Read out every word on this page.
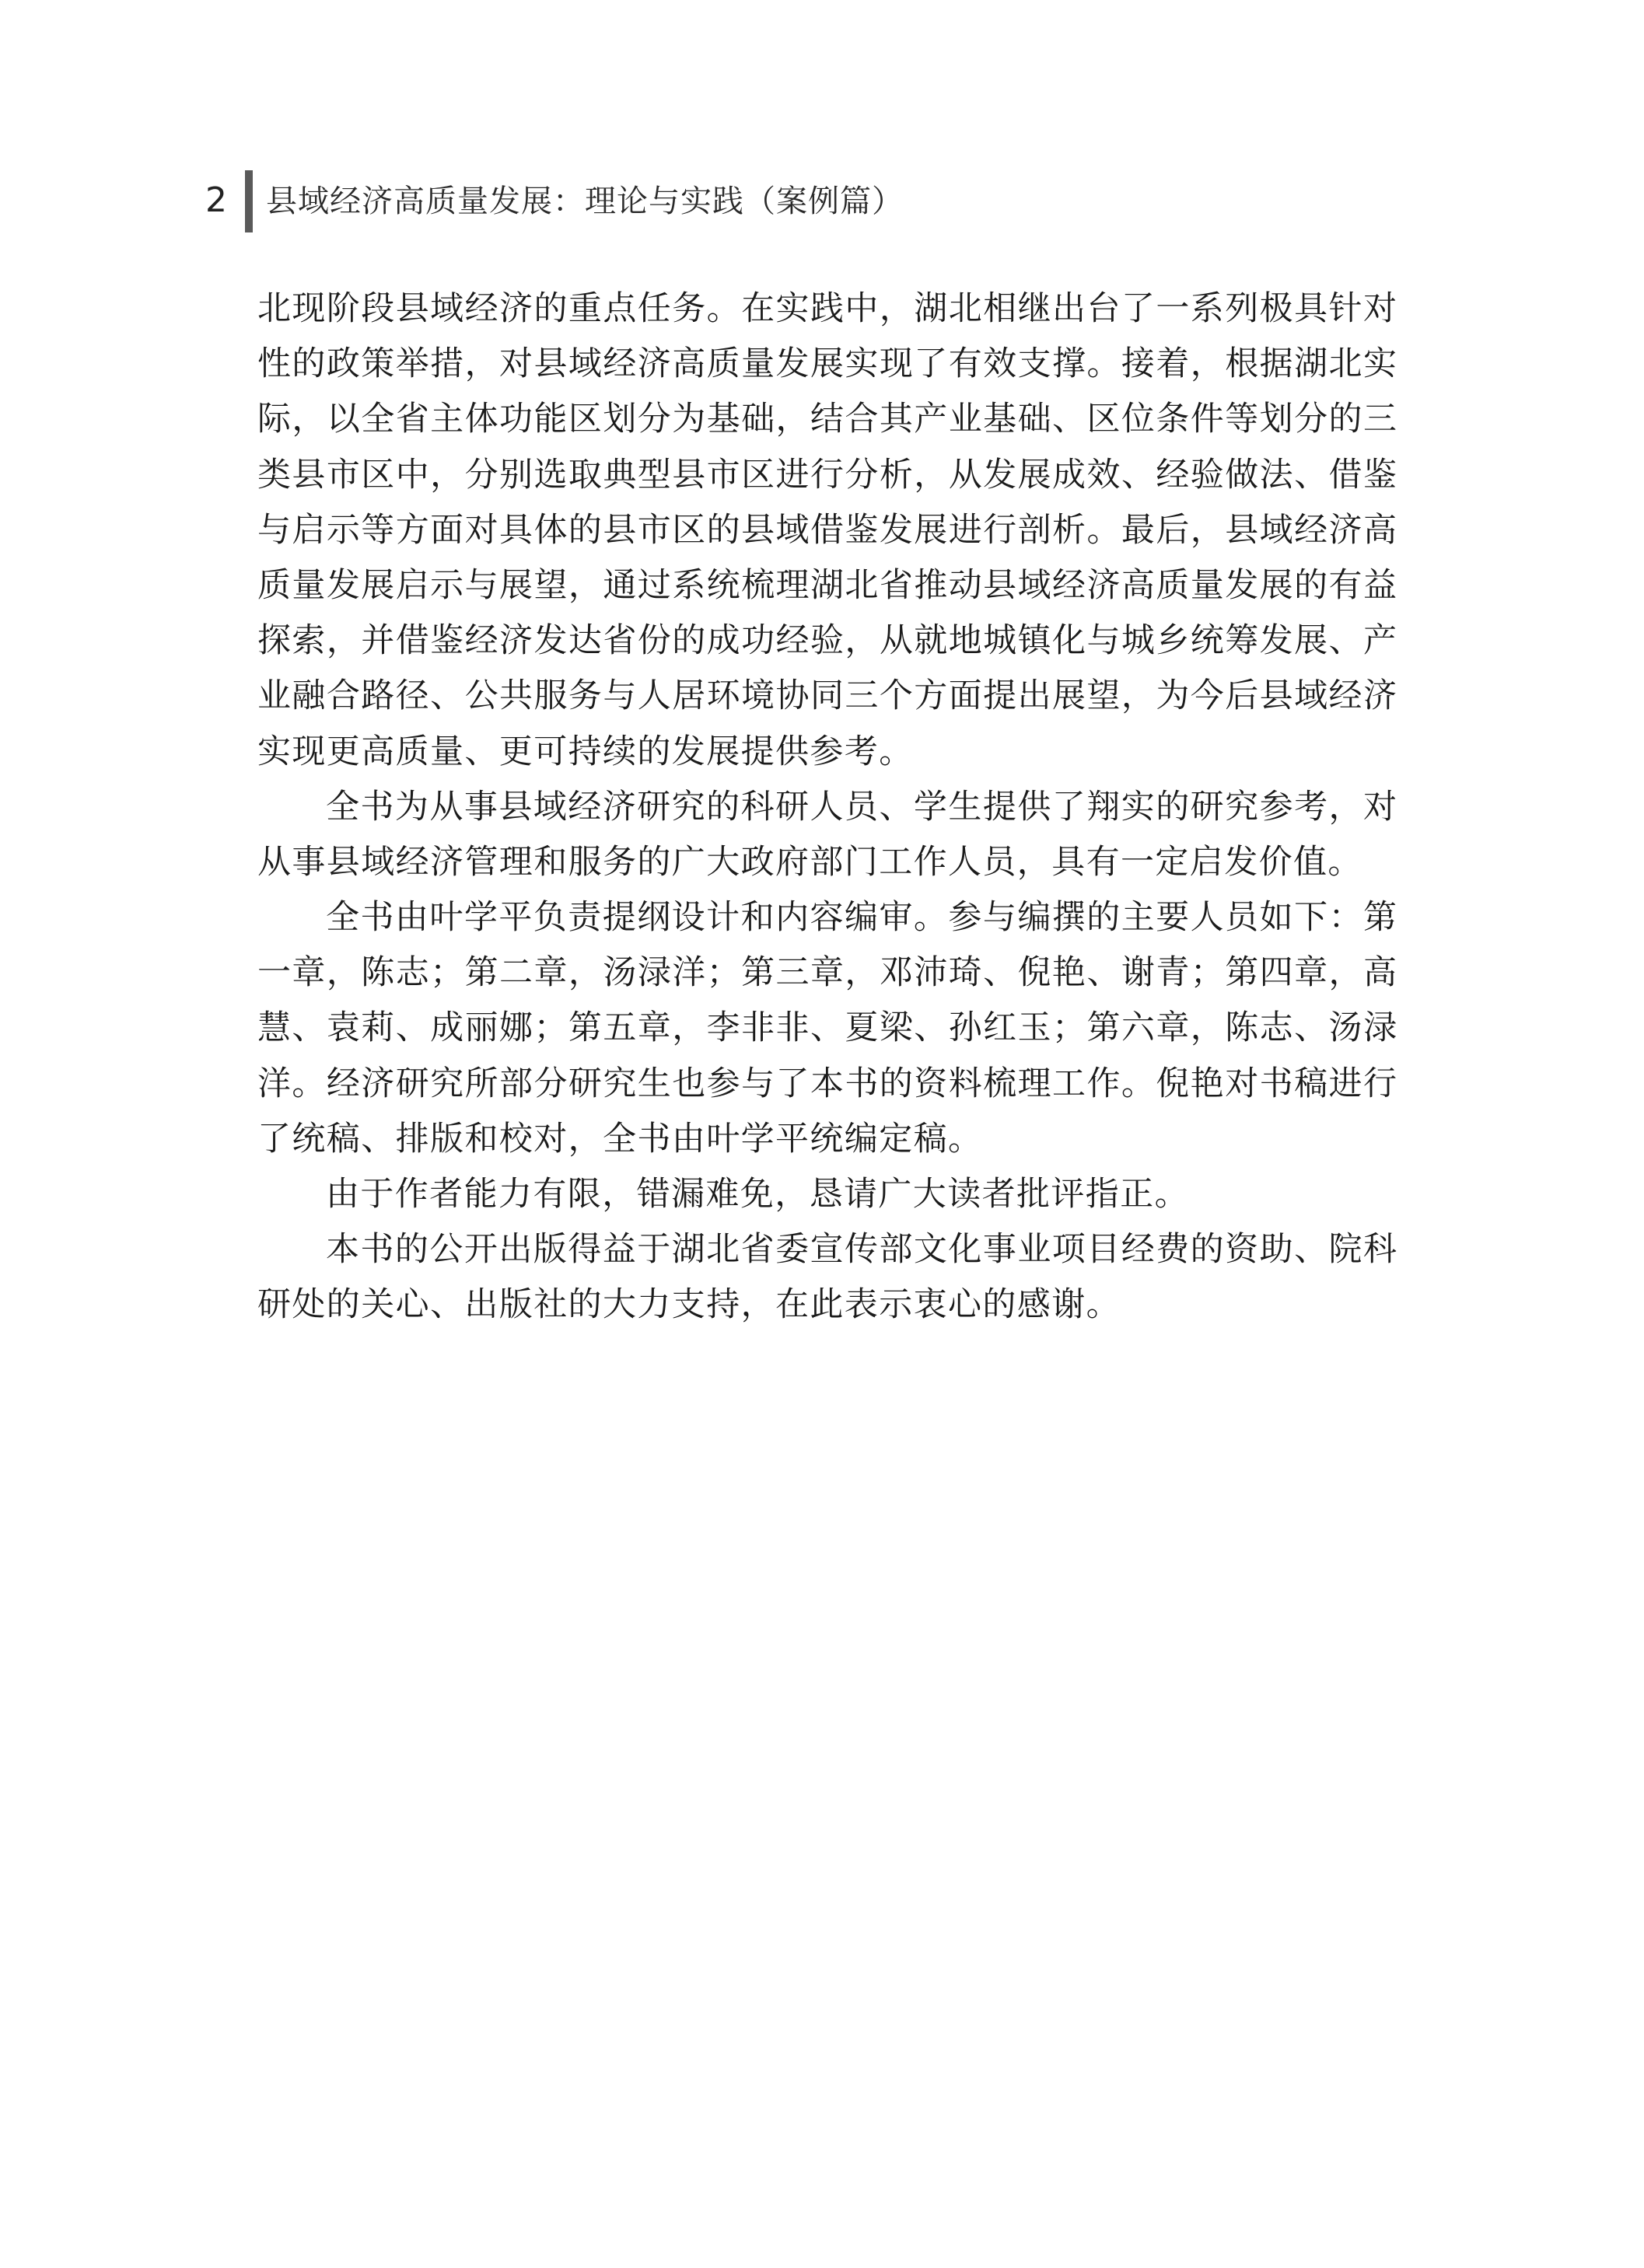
2 县域经济高质量发展：理论与实践（案例篇）
北现阶段县域经济的重点任务。在实践中，湖北相继出台了一系列极具针对
性的政策举措，对县域经济高质量发展实现了有效支撑。接着，根据湖北实
际，以全省主体功能区划分为基础，结合其产业基础、区位条件等划分的三
类县市区中，分别选取典型县市区进行分析，从发展成效、经验做法、借鉴
与启示等方面对具体的县市区的县域借鉴发展进行剖析。最后，县域经济高
质量发展启示与展望，通过系统梳理湖北省推动县域经济高质量发展的有益
探索，并借鉴经济发达省份的成功经验，从就地城镇化与城乡统筹发展、产
业融合路径、公共服务与人居环境协同三个方面提出展望，为今后县域经济
实现更高质量、更可持续的发展提供参考。
全书为从事县域经济研究的科研人员、学生提供了翔实的研究参考，对
从事县域经济管理和服务的广大政府部门工作人员，具有一定启发价值。
全书由叶学平负责提纲设计和内容编审。参与编撰的主要人员如下：第
一章，陈志；第二章，汤渌洋；第三章，邓沛琦、倪艳、谢青；第四章，高
慧、袁莉、成丽娜；第五章，李非非、夏梁、孙红玉；第六章，陈志、汤渌
洋。经济研究所部分研究生也参与了本书的资料梳理工作。倪艳对书稿进行
了统稿、排版和校对，全书由叶学平统编定稿。
由于作者能力有限，错漏难免，恳请广大读者批评指正。
本书的公开出版得益于湖北省委宣传部文化事业项目经费的资助、院科
研处的关心、出版社的大力支持，在此表示衷心的感谢。
